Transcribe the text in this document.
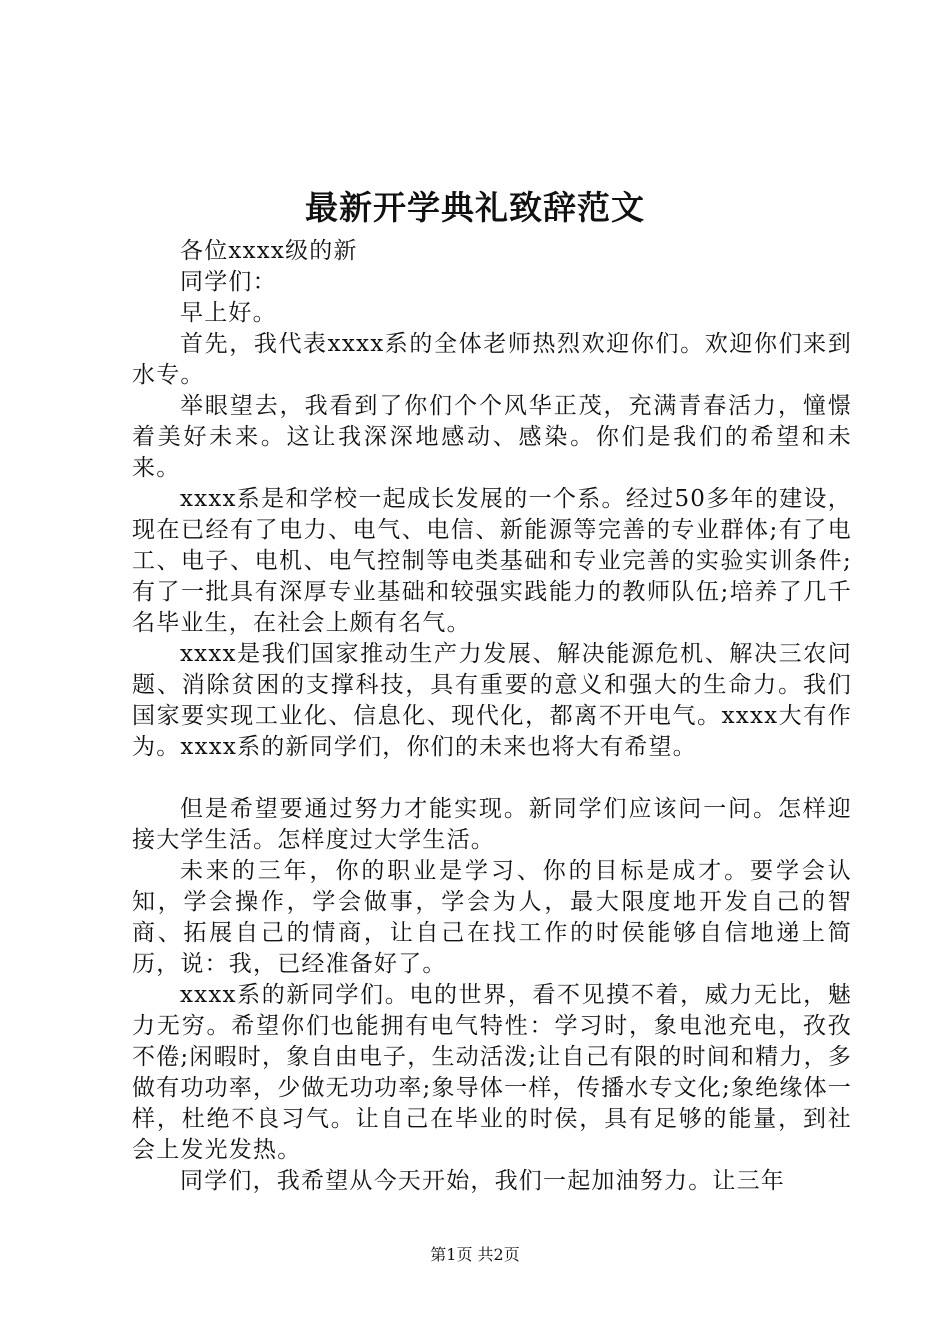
最新开学典礼致辞范文

各位xxxx级的新

同学们：

早上好。

首先，我代表xxxx系的全体老师热烈欢迎你们。欢迎你们来到水专。

举眼望去，我看到了你们个个风华正茂，充满青春活力，憧憬着美好未来。这让我深深地感动、感染。你们是我们的希望和未来。

xxxx系是和学校一起成长发展的一个系。经过50多年的建设，现在已经有了电力、电气、电信、新能源等完善的专业群体;有了电工、电子、电机、电气控制等电类基础和专业完善的实验实训条件;有了一批具有深厚专业基础和较强实践能力的教师队伍;培养了几千名毕业生，在社会上颇有名气。

xxxx是我们国家推动生产力发展、解决能源危机、解决三农问题、消除贫困的支撑科技，具有重要的意义和强大的生命力。我们国家要实现工业化、信息化、现代化，都离不开电气。xxxx大有作为。xxxx系的新同学们，你们的未来也将大有希望。

但是希望要通过努力才能实现。新同学们应该问一问。怎样迎接大学生活。怎样度过大学生活。

未来的三年，你的职业是学习、你的目标是成才。要学会认知，学会操作，学会做事，学会为人，最大限度地开发自己的智商、拓展自己的情商，让自己在找工作的时侯能够自信地递上简历，说：我，已经准备好了。

xxxx系的新同学们。电的世界，看不见摸不着，威力无比，魅力无穷。希望你们也能拥有电气特性：学习时，象电池充电，孜孜不倦;闲暇时，象自由电子，生动活泼;让自己有限的时间和精力，多做有功功率，少做无功功率;象导体一样，传播水专文化;象绝缘体一样，杜绝不良习气。让自己在毕业的时侯，具有足够的能量，到社会上发光发热。

同学们，我希望从今天开始，我们一起加油努力。让三年

第1页 共2页
